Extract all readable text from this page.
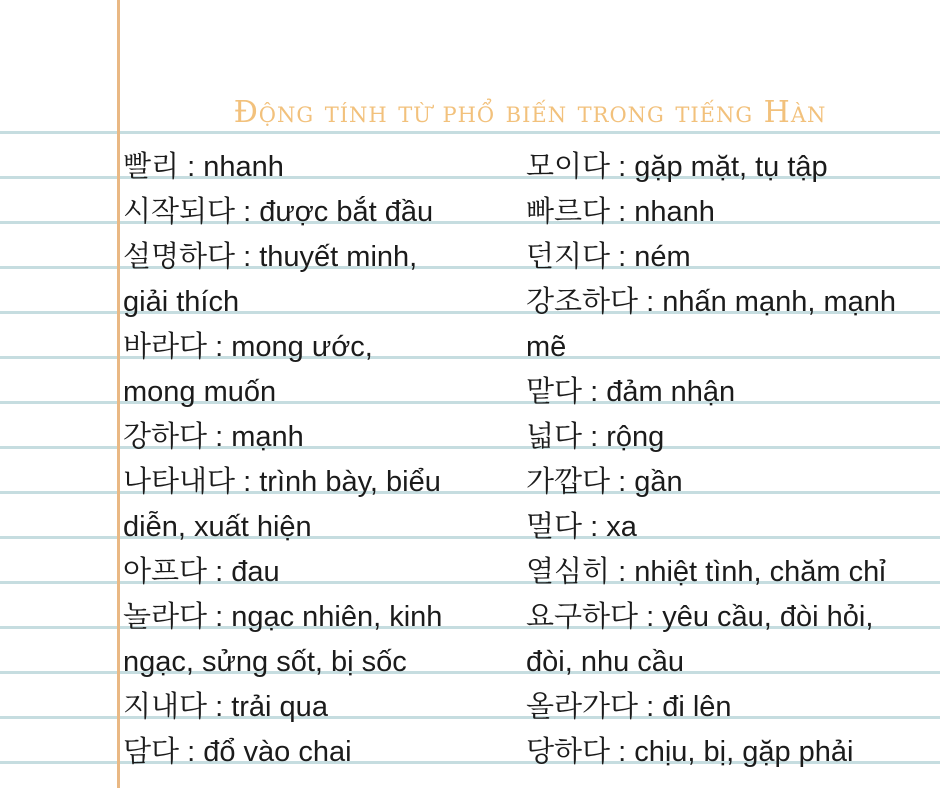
Động tính từ phổ biến trong tiếng Hàn
빨리 : nhanh
시작되다 : được bắt đầu
설명하다 : thuyết minh,
giải thích
바라다 : mong ước,
mong muốn
강하다 : mạnh
나타내다 : trình bày, biểu
diễn, xuất hiện
아프다 : đau
놀라다 : ngạc nhiên, kinh
ngạc, sửng sốt, bị sốc
지내다 : trải qua
담다 : đổ vào chai
모이다 : gặp mặt, tụ tập
빠르다 : nhanh
던지다 : ném
강조하다 : nhấn mạnh, mạnh
mẽ
맡다 : đảm nhận
넓다 : rộng
가깝다 : gần
멀다 : xa
열심히 : nhiệt tình, chăm chỉ
요구하다 : yêu cầu, đòi hỏi,
đòi, nhu cầu
올라가다 : đi lên
당하다 : chịu, bị, gặp phải
